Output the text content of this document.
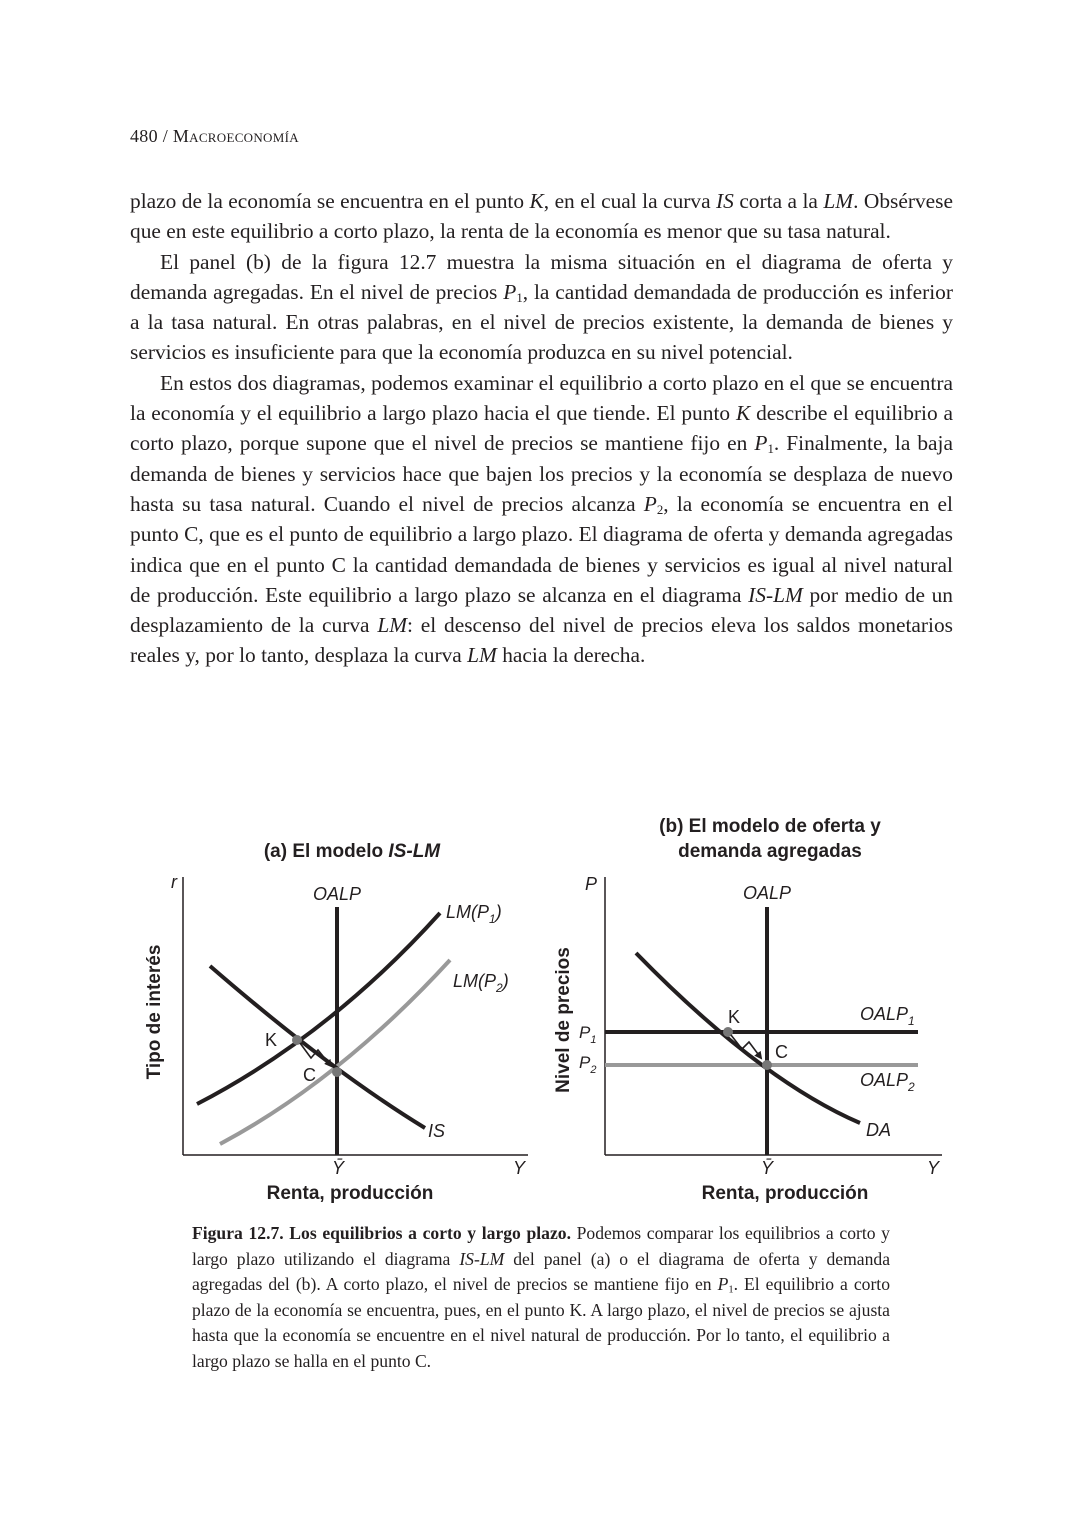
480 / Macroeconomía

plazo de la economía se encuentra en el punto K, en el cual la curva IS corta a la LM. Obsérvese que en este equilibrio a corto plazo, la renta de la economía es menor que su tasa natural.

El panel (b) de la figura 12.7 muestra la misma situación en el diagrama de oferta y demanda agregadas. En el nivel de precios $P_1$, la cantidad demandada de producción es inferior a la tasa natural. En otras palabras, en el nivel de precios existente, la demanda de bienes y servicios es insuficiente para que la economía produzca en su nivel potencial.

En estos dos diagramas, podemos examinar el equilibrio a corto plazo en el que se encuentra la economía y el equilibrio a largo plazo hacia el que tiende. El punto K describe el equilibrio a corto plazo, porque supone que el nivel de precios se mantiene fijo en $P_1$. Finalmente, la baja demanda de bienes y servicios hace que bajen los precios y la economía se desplaza de nuevo hasta su tasa natural. Cuando el nivel de precios alcanza $P_2$, la economía se encuentra en el punto C, que es el punto de equilibrio a largo plazo. El diagrama de oferta y demanda agregadas indica que en el punto C la cantidad demandada de bienes y servicios es igual al nivel natural de producción. Este equilibrio a largo plazo se alcanza en el diagrama IS-LM por medio de un desplazamiento de la curva LM: el descenso del nivel de precios eleva los saldos monetarios reales y, por lo tanto, desplaza la curva LM hacia la derecha.

(a) El modelo IS-LM
r
Y
Ȳ
Renta, producción
Tipo de interés
OALP
$LM(P_2)$
$LM(P_1)$
IS
K
C
(b) El modelo de oferta y
demanda agregadas
P
Y
Ȳ
Renta, producción
Nivel de precios $P_1$
$P_2$	$OALP_2$
$OALP_1$
OALP
DA
K
C
Figura 12.7. Los equilibrios a corto y largo plazo. Podemos comparar los equilibrios a corto y largo plazo utilizando el diagrama IS-LM del panel (a) o el diagrama de oferta y demanda agregadas del (b). A corto plazo, el nivel de precios se mantiene fijo en $P_1$. El equilibrio a corto plazo de la economía se encuentra, pues, en el punto K. A largo plazo, el nivel de precios se ajusta hasta que la economía se encuentre en el nivel natural de producción. Por lo tanto, el equilibrio a largo plazo se halla en el punto C.
